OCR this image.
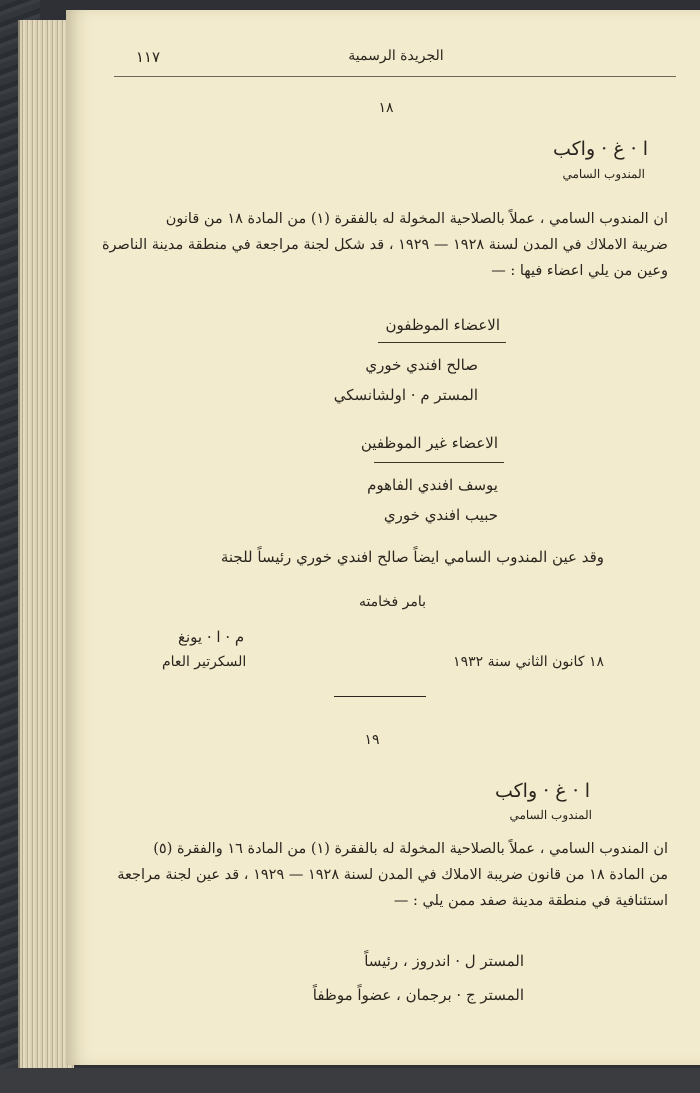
الجريدة الرسمية
١١٧
١٨
ا · غ · واكب
المندوب السامي
ان المندوب السامي ، عملاً بالصلاحية المخولة له بالفقرة (١) من المادة ١٨ من قانون
ضريبة الاملاك في المدن لسنة ١٩٢٨ — ١٩٢٩ ، قد شكل لجنة مراجعة في منطقة مدينة الناصرة
وعين من يلي اعضاء فيها : —
الاعضاء الموظفون
صالح افندي خوري
المستر م · اولشانسكي
الاعضاء غير الموظفين
يوسف افندي الفاهوم
حبيب افندي خوري
وقد عين المندوب السامي ايضاً صالح افندي خوري رئيساً للجنة
بامر فخامته
م · ا · يونغ
السكرتير العام	١٨ كانون الثاني سنة ١٩٣٢
١٩
ا · غ · واكب
المندوب السامي
ان المندوب السامي ، عملاً بالصلاحية المخولة له بالفقرة (١) من المادة ١٦ والفقرة (٥)
من المادة ١٨ من قانون ضريبة الاملاك في المدن لسنة ١٩٢٨ — ١٩٢٩ ، قد عين لجنة مراجعة
استئنافية في منطقة مدينة صفد ممن يلي : —
المستر ل · اندروز ، رئيساً
المستر ج · برجمان ، عضواً موظفاً
